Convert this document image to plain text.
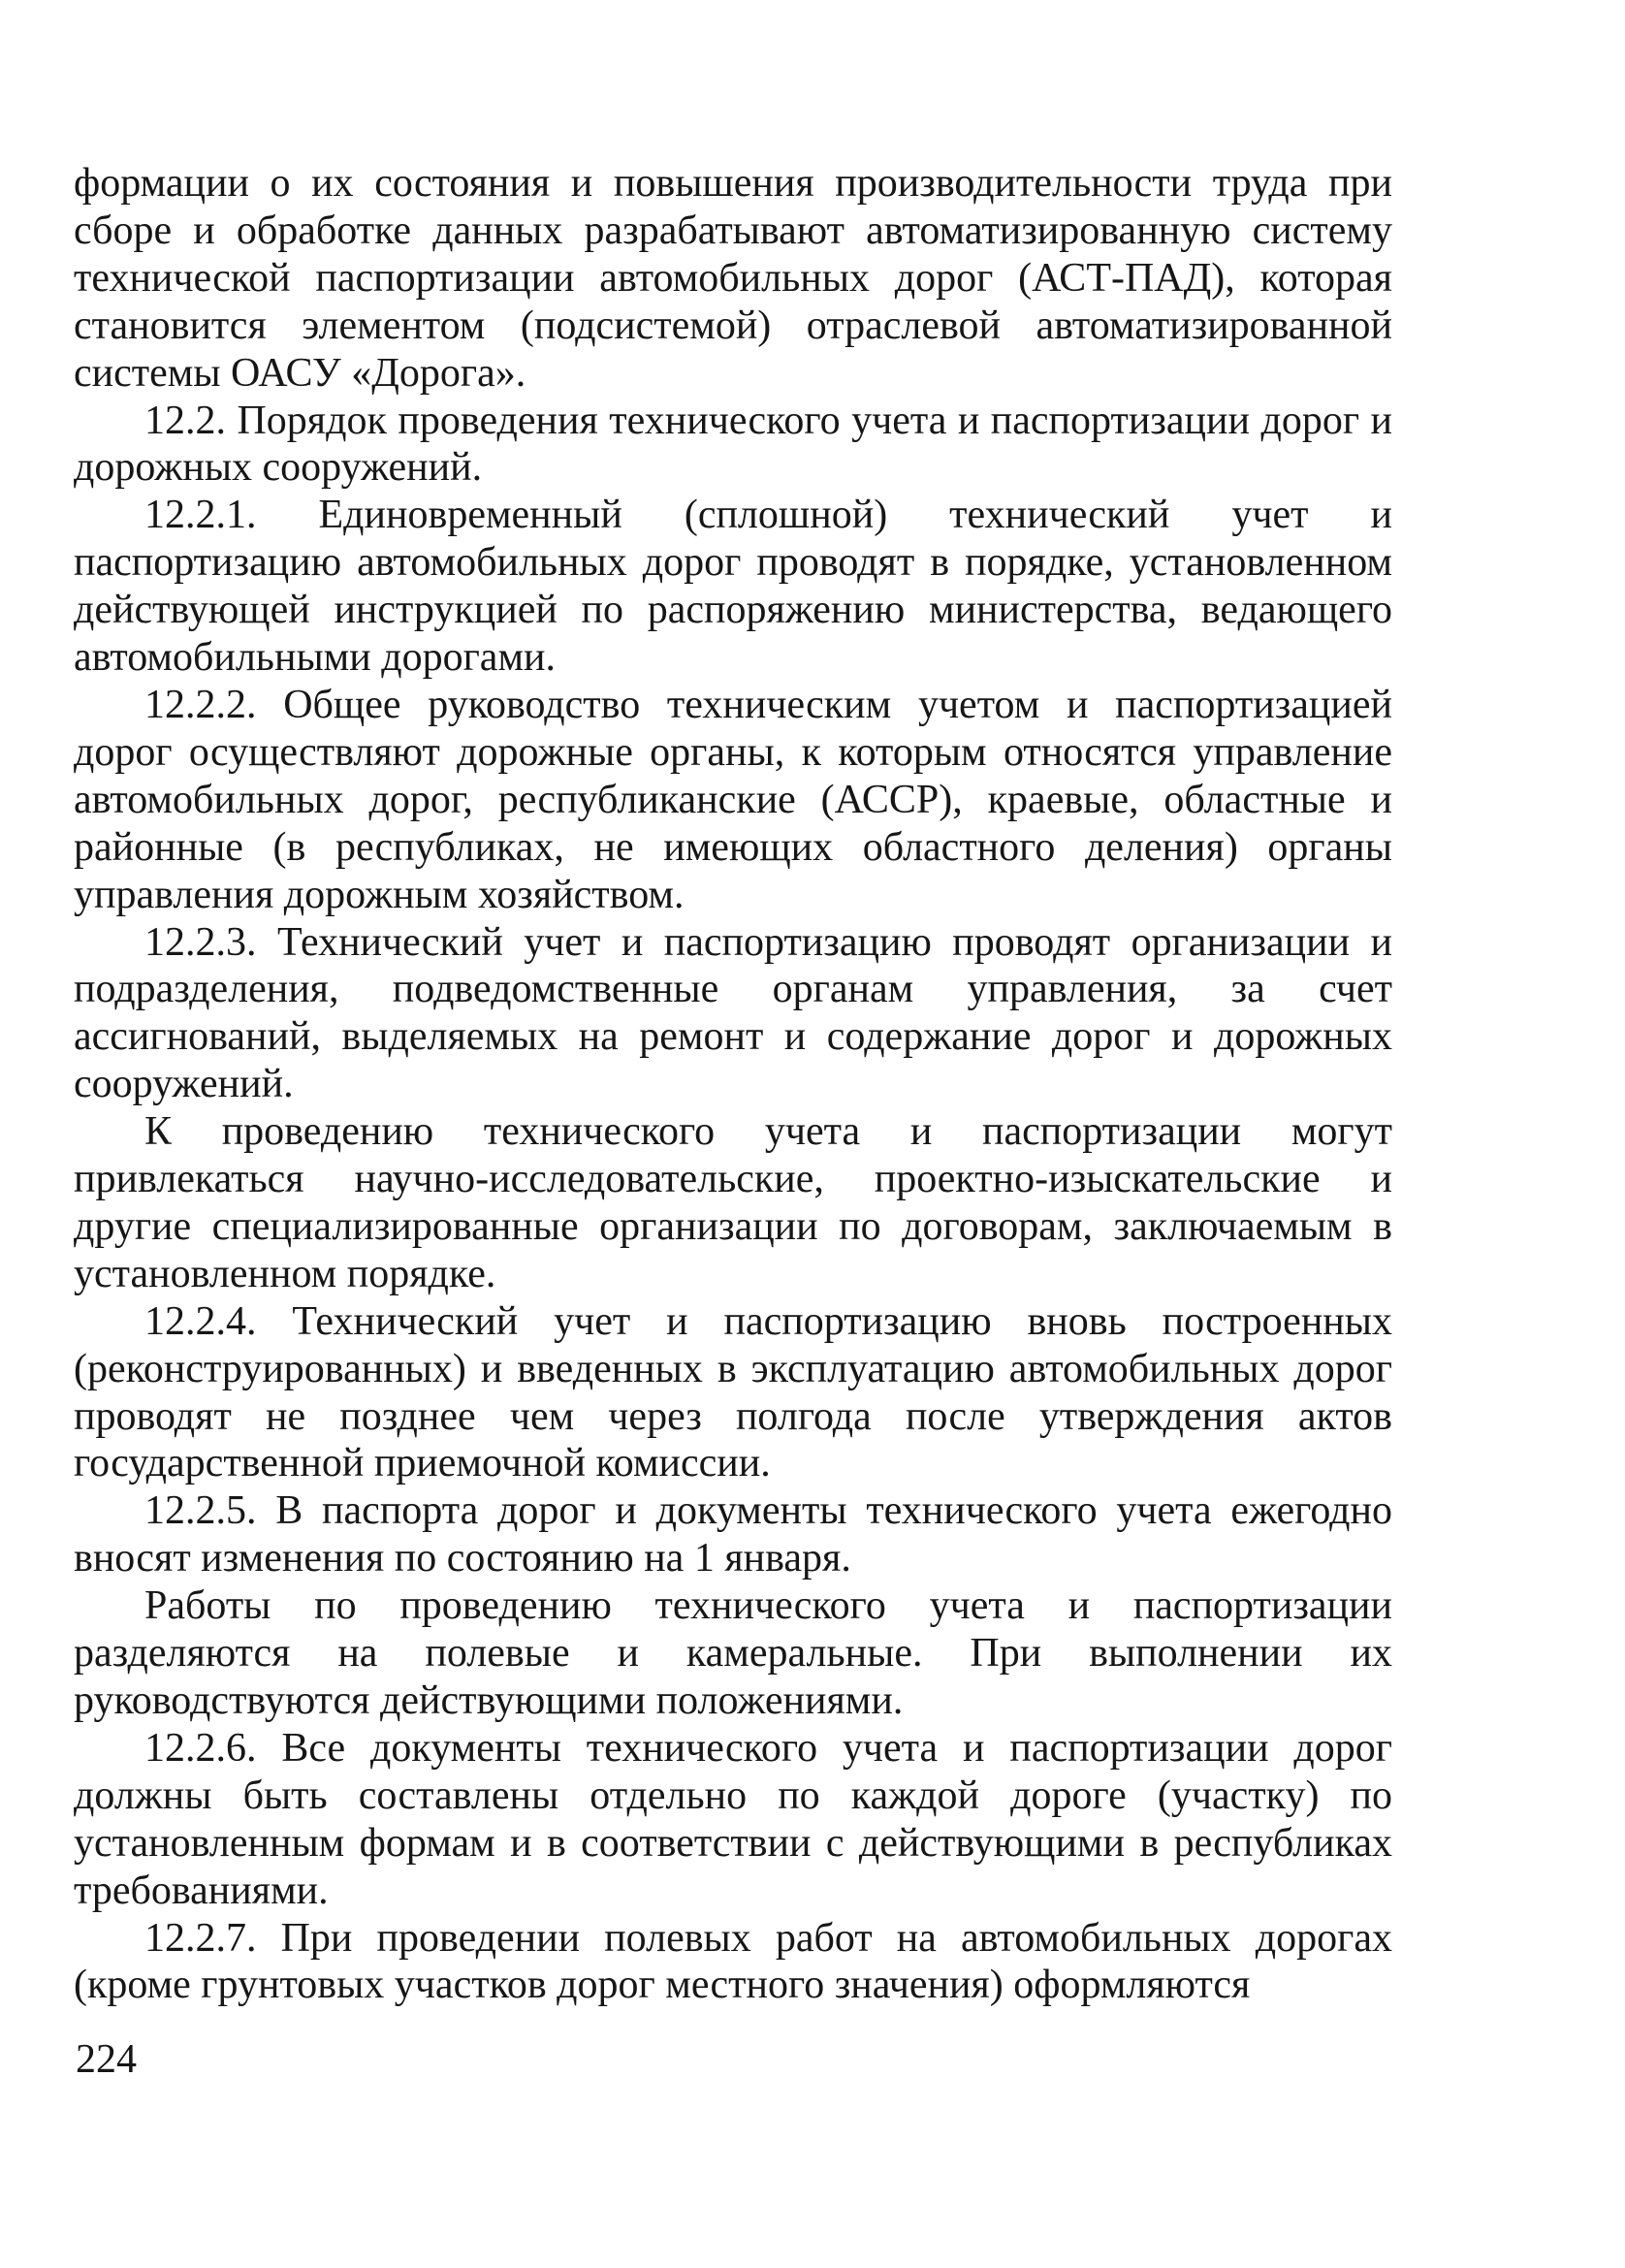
формации о их состояния и повышения производительности труда при сборе и обработке данных разрабатывают автоматизированную систему технической паспортизации автомобильных дорог (АСТ-ПАД), которая становится элементом (подсистемой) отраслевой автоматизированной системы ОАСУ «Дорога».

12.2. Порядок проведения технического учета и паспортизации дорог и дорожных сооружений.

12.2.1. Единовременный (сплошной) технический учет и паспортизацию автомобильных дорог проводят в порядке, установленном действующей инструкцией по распоряжению министерства, ведающего автомобильными дорогами.

12.2.2. Общее руководство техническим учетом и паспортизацией дорог осуществляют дорожные органы, к которым относятся управление автомобильных дорог, республиканские (АССР), краевые, областные и районные (в республиках, не имеющих областного деления) органы управления дорожным хозяйством.

12.2.3. Технический учет и паспортизацию проводят организации и подразделения, подведомственные органам управления, за счет ассигнований, выделяемых на ремонт и содержание дорог и дорожных сооружений.

К проведению технического учета и паспортизации могут привлекаться научно-исследовательские, проектно-изыскательские и другие специализированные организации по договорам, заключаемым в установленном порядке.

12.2.4. Технический учет и паспортизацию вновь построенных (реконструированных) и введенных в эксплуатацию автомобильных дорог проводят не позднее чем через полгода после утверждения актов государственной приемочной комиссии.

12.2.5. В паспорта дорог и документы технического учета ежегодно вносят изменения по состоянию на 1 января.

Работы по проведению технического учета и паспортизации разделяются на полевые и камеральные. При выполнении их руководствуются действующими положениями.

12.2.6. Все документы технического учета и паспортизации дорог должны быть составлены отдельно по каждой дороге (участку) по установленным формам и в соответствии с действующими в республиках требованиями.

12.2.7. При проведении полевых работ на автомобильных дорогах (кроме грунтовых участков дорог местного значения) оформляются

224
